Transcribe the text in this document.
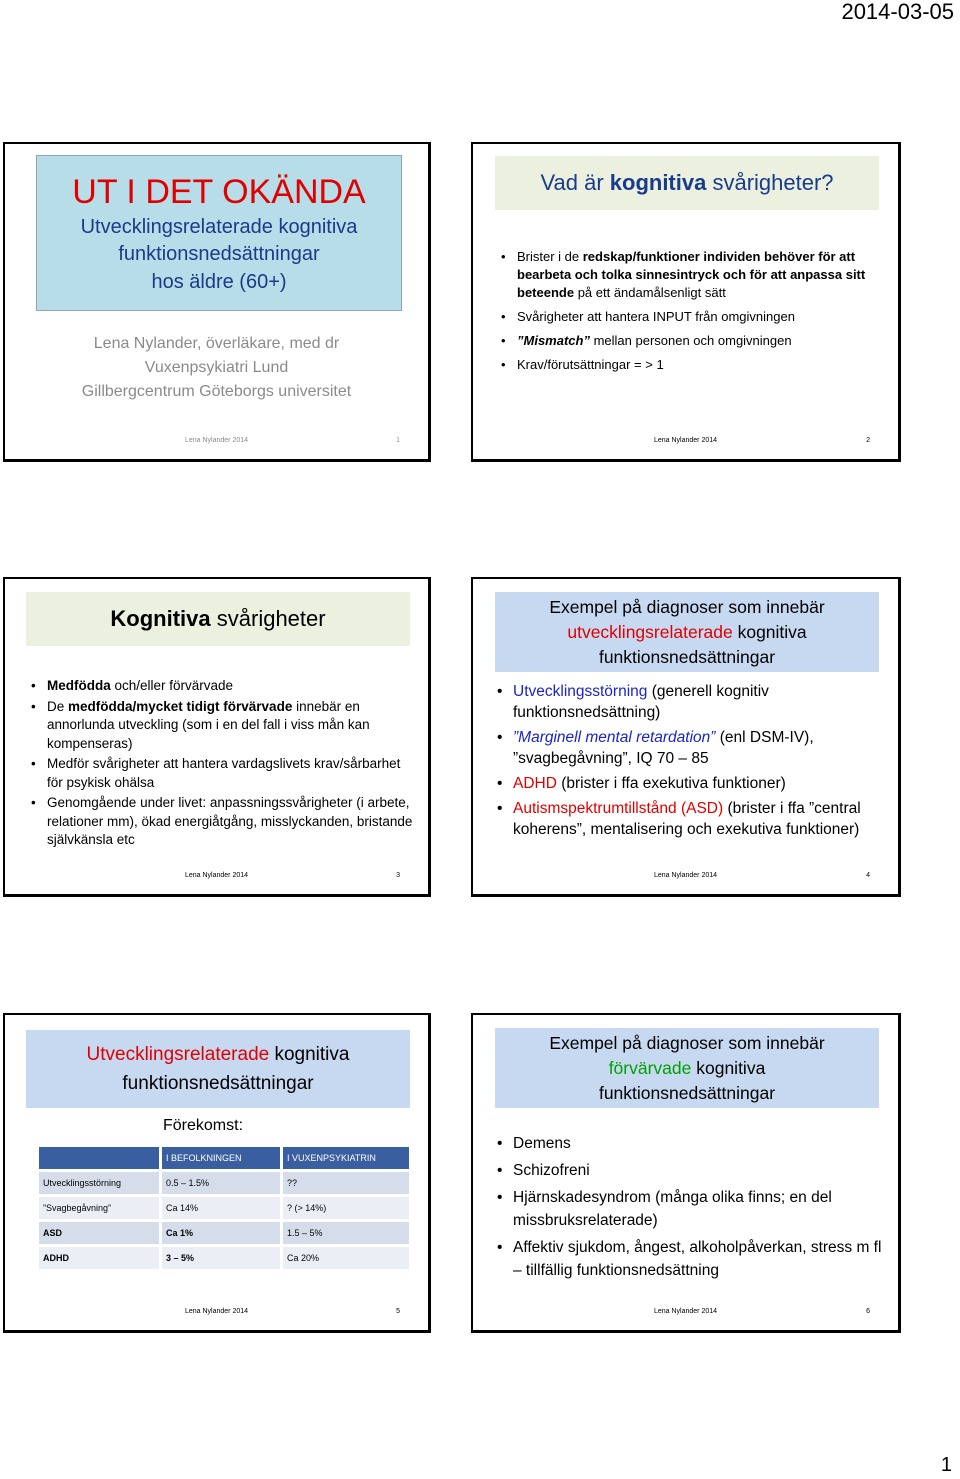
2014-03-05
UT I DET OKÄNDA
Utvecklingsrelaterade kognitiva
funktionsnedsättningar
hos äldre (60+)
Lena Nylander, överläkare, med dr
Vuxenpsykiatri Lund
Gillbergcentrum Göteborgs universitet
Lena Nylander 2014	1
Vad är kognitiva svårigheter?
• Brister i de redskap/funktioner individen behöver för att bearbeta och tolka sinnesintryck och för att anpassa sitt beteende på ett ändamålsenligt sätt
• Svårigheter att hantera INPUT från omgivningen
• ”Mismatch” mellan personen och omgivningen
• Krav/förutsättningar = > 1
Lena Nylander 2014	2
Kognitiva svårigheter
• Medfödda och/eller förvärvade
• De medfödda/mycket tidigt förvärvade innebär en annorlunda utveckling (som i en del fall i viss mån kan kompenseras)
• Medför svårigheter att hantera vardagslivets krav/sårbarhet för psykisk ohälsa
• Genomgående under livet: anpassningssvårigheter (i arbete, relationer mm), ökad energiåtgång, misslyckanden, bristande självkänsla etc
Lena Nylander 2014	3
Exempel på diagnoser som innebär
utvecklingsrelaterade kognitiva
funktionsnedsättningar
• Utvecklingsstörning (generell kognitiv funktionsnedsättning)
• ”Marginell mental retardation” (enl DSM-IV), ”svagbegåvning”, IQ 70 – 85
• ADHD (brister i ffa exekutiva funktioner)
• Autismspektrumtillstånd (ASD) (brister i ffa ”central koherens”, mentalisering och exekutiva funktioner)
Lena Nylander 2014	4
Utvecklingsrelaterade kognitiva
funktionsnedsättningar
Förekomst:
	I BEFOLKNINGEN	I VUXENPSYKIATRIN
Utvecklingsstörning	0.5 – 1.5%	??
”Svagbegåvning”	Ca 14%	? (> 14%)
ASD	Ca 1%	1.5 – 5%
ADHD	3 – 5%	Ca 20%
Lena Nylander 2014	5
Exempel på diagnoser som innebär
förvärvade kognitiva
funktionsnedsättningar
• Demens
• Schizofreni
• Hjärnskadesyndrom (många olika finns; en del missbruksrelaterade)
• Affektiv sjukdom, ångest, alkoholpåverkan, stress m fl – tillfällig funktionsnedsättning
Lena Nylander 2014	6
1
